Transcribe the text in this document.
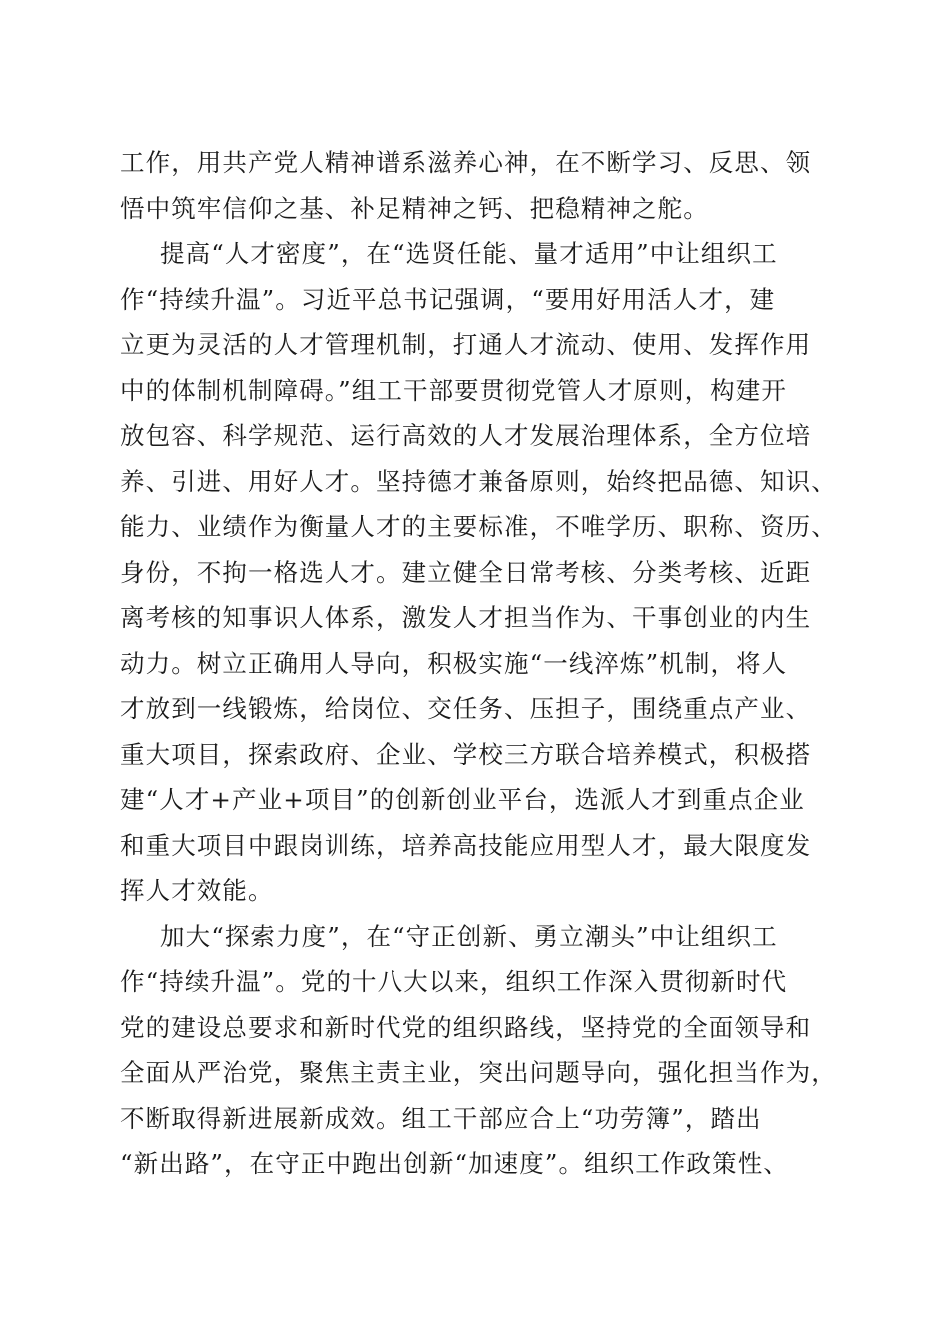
工作，用共产党人精神谱系滋养心神，在不断学习、反思、领
悟中筑牢信仰之基、补足精神之钙、把稳精神之舵。
提高“人才密度”，在“选贤任能、量才适用”中让组织工
作“持续升温”。习近平总书记强调，“要用好用活人才，建
立更为灵活的人才管理机制，打通人才流动、使用、发挥作用
中的体制机制障碍。”组工干部要贯彻党管人才原则，构建开
放包容、科学规范、运行高效的人才发展治理体系，全方位培
养、引进、用好人才。坚持德才兼备原则，始终把品德、知识、
能力、业绩作为衡量人才的主要标准，不唯学历、职称、资历、
身份，不拘一格选人才。建立健全日常考核、分类考核、近距
离考核的知事识人体系，激发人才担当作为、干事创业的内生
动力。树立正确用人导向，积极实施“一线淬炼”机制，将人
才放到一线锻炼，给岗位、交任务、压担子，围绕重点产业、
重大项目，探索政府、企业、学校三方联合培养模式，积极搭
建“人才+产业+项目”的创新创业平台，选派人才到重点企业
和重大项目中跟岗训练，培养高技能应用型人才，最大限度发
挥人才效能。
加大“探索力度”，在“守正创新、勇立潮头”中让组织工
作“持续升温”。党的十八大以来，组织工作深入贯彻新时代
党的建设总要求和新时代党的组织路线，坚持党的全面领导和
全面从严治党，聚焦主责主业，突出问题导向，强化担当作为，
不断取得新进展新成效。组工干部应合上“功劳簿”，踏出
“新出路”，在守正中跑出创新“加速度”。组织工作政策性、
